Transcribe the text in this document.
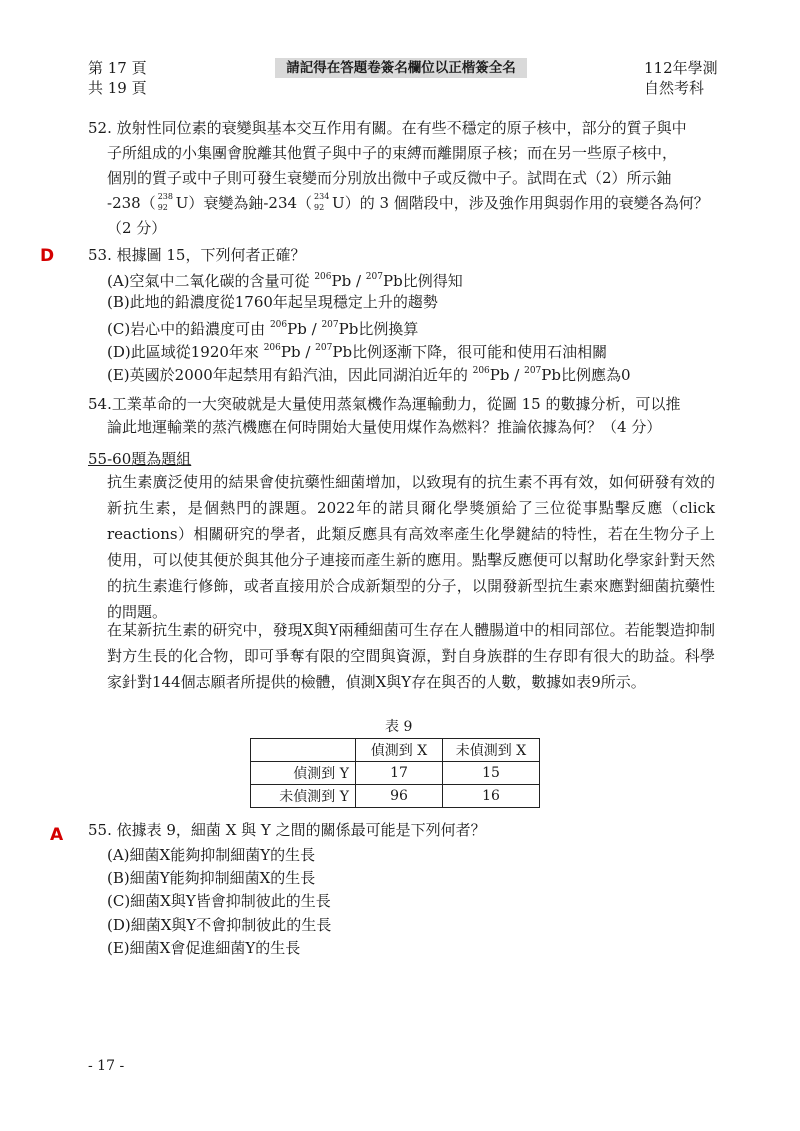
第 17 頁
共 19 頁
請記得在答題卷簽名欄位以正楷簽全名	112年學測
自然考科
52. 放射性同位素的衰變與基本交互作用有關。在有些不穩定的原子核中，部分的質子與中
子所組成的小集團會脫離其他質子與中子的束縛而離開原子核；而在另一些原子核中，
個別的質子或中子則可發生衰變而分別放出微中子或反微中子。試問在式（2）所示鈾
-238（ 238
92 U）衰變為鈾-234（ 234
92 U）的 3 個階段中，涉及強作用與弱作用的衰變各為何？
（2 分）
D 53. 根據圖 15，下列何者正確？
(A)空氣中二氧化碳的含量可從 $^{206}$Pb / $^{207}$Pb比例得知
(B)此地的鉛濃度從1760年起呈現穩定上升的趨勢
(C)岩心中的鉛濃度可由 $^{206}$Pb / $^{207}$Pb比例換算
(D)此區域從1920年來 $^{206}$Pb / $^{207}$Pb比例逐漸下降，很可能和使用石油相關
(E)英國於2000年起禁用有鉛汽油，因此同湖泊近年的 $^{206}$Pb / $^{207}$Pb比例應為0
54.工業革命的一大突破就是大量使用蒸氣機作為運輸動力，從圖 15 的數據分析，可以推
論此地運輸業的蒸汽機應在何時開始大量使用煤作為燃料？推論依據為何？（4 分）
55-60題為題組
抗生素廣泛使用的結果會使抗藥性細菌增加，以致現有的抗生素不再有效，如何研發有效的新抗生素，是個熱門的課題。2022年的諾貝爾化學獎頒給了三位從事點擊反應（click reactions）相關研究的學者，此類反應具有高效率產生化學鍵結的特性，若在生物分子上使用，可以使其便於與其他分子連接而產生新的應用。點擊反應便可以幫助化學家針對天然的抗生素進行修飾，或者直接用於合成新類型的分子，以開發新型抗生素來應對細菌抗藥性的問題。
在某新抗生素的研究中，發現X與Y兩種細菌可生存在人體腸道中的相同部位。若能製造抑制對方生長的化合物，即可爭奪有限的空間與資源，對自身族群的生存即有很大的助益。科學家針對144個志願者所提供的檢體，偵測X與Y存在與否的人數，數據如表9所示。
表 9
	偵測到 X	未偵測到 X
偵測到 Y	17	15
未偵測到 Y	96	16
A 55. 依據表 9，細菌 X 與 Y 之間的關係最可能是下列何者？
(A)細菌X能夠抑制細菌Y的生長
(B)細菌Y能夠抑制細菌X的生長
(C)細菌X與Y皆會抑制彼此的生長
(D)細菌X與Y不會抑制彼此的生長
(E)細菌X會促進細菌Y的生長
- 17 -
